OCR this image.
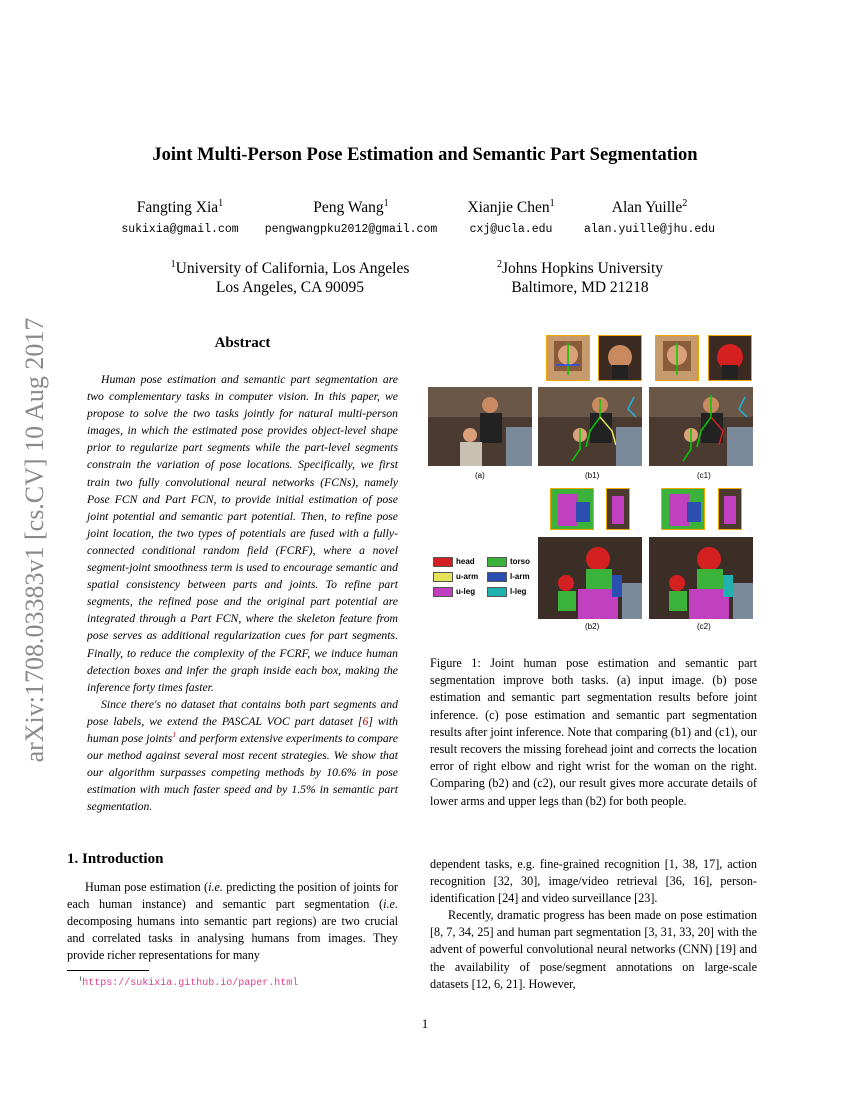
arXiv:1708.03383v1 [cs.CV] 10 Aug 2017
Joint Multi-Person Pose Estimation and Semantic Part Segmentation
Fangting Xia$^1$
sukixia@gmail.com
Peng Wang$^1$
pengwangpku2012@gmail.com
Xianjie Chen$^1$
cxj@ucla.edu
Alan Yuille$^2$
alan.yuille@jhu.edu
$^1$University of California, Los Angeles
Los Angeles, CA 90095
$^2$Johns Hopkins University
Baltimore, MD 21218
Abstract

Human pose estimation and semantic part segmentation are two complementary tasks in computer vision. In this paper, we propose to solve the two tasks jointly for natural multi-person images, in which the estimated pose provides object-level shape prior to regularize part segments while the part-level segments constrain the variation of pose locations. Specifically, we first train two fully convolutional neural networks (FCNs), namely Pose FCN and Part FCN, to provide initial estimation of pose joint potential and semantic part potential. Then, to refine pose joint location, the two types of potentials are fused with a fully-connected conditional random field (FCRF), where a novel segment-joint smoothness term is used to encourage semantic and spatial consistency between parts and joints. To refine part segments, the refined pose and the original part potential are integrated through a Part FCN, where the skeleton feature from pose serves as additional regularization cues for part segments. Finally, to reduce the complexity of the FCRF, we induce human detection boxes and infer the graph inside each box, making the inference forty times faster.

Since there's no dataset that contains both part segments and pose labels, we extend the PASCAL VOC part dataset [6] with human pose joints$^1$ and perform extensive experiments to compare our method against several most recent strategies. We show that our algorithm surpasses competing methods by 10.6% in pose estimation with much faster speed and by 1.5% in semantic part segmentation.

1. Introduction

Human pose estimation (i.e. predicting the position of joints for each human instance) and semantic part segmentation (i.e. decomposing humans into semantic part regions) are two crucial and correlated tasks in analysing humans from images. They provide richer representations for many

$^1$https://sukixia.github.io/paper.html

dependent tasks, e.g. fine-grained recognition [1, 38, 17], action recognition [32, 30], image/video retrieval [36, 16], person-identification [24] and video surveillance [23].

Recently, dramatic progress has been made on pose estimation [8, 7, 34, 25] and human part segmentation [3, 31, 33, 20] with the advent of powerful convolutional neural networks (CNN) [19] and the availability of pose/segment annotations on large-scale datasets [12, 6, 21]. However,

(a)	(b1)	(c1)
(b2)	(c2)
head	torso
u-arm	l-arm
u-leg	l-leg
Figure 1: Joint human pose estimation and semantic part segmentation improve both tasks. (a) input image. (b) pose estimation and semantic part segmentation results before joint inference. (c) pose estimation and semantic part segmentation results after joint inference. Note that comparing (b1) and (c1), our result recovers the missing forehead joint and corrects the location error of right elbow and right wrist for the woman on the right. Comparing (b2) and (c2), our result gives more accurate details of lower arms and upper legs than (b2) for both people.
1
